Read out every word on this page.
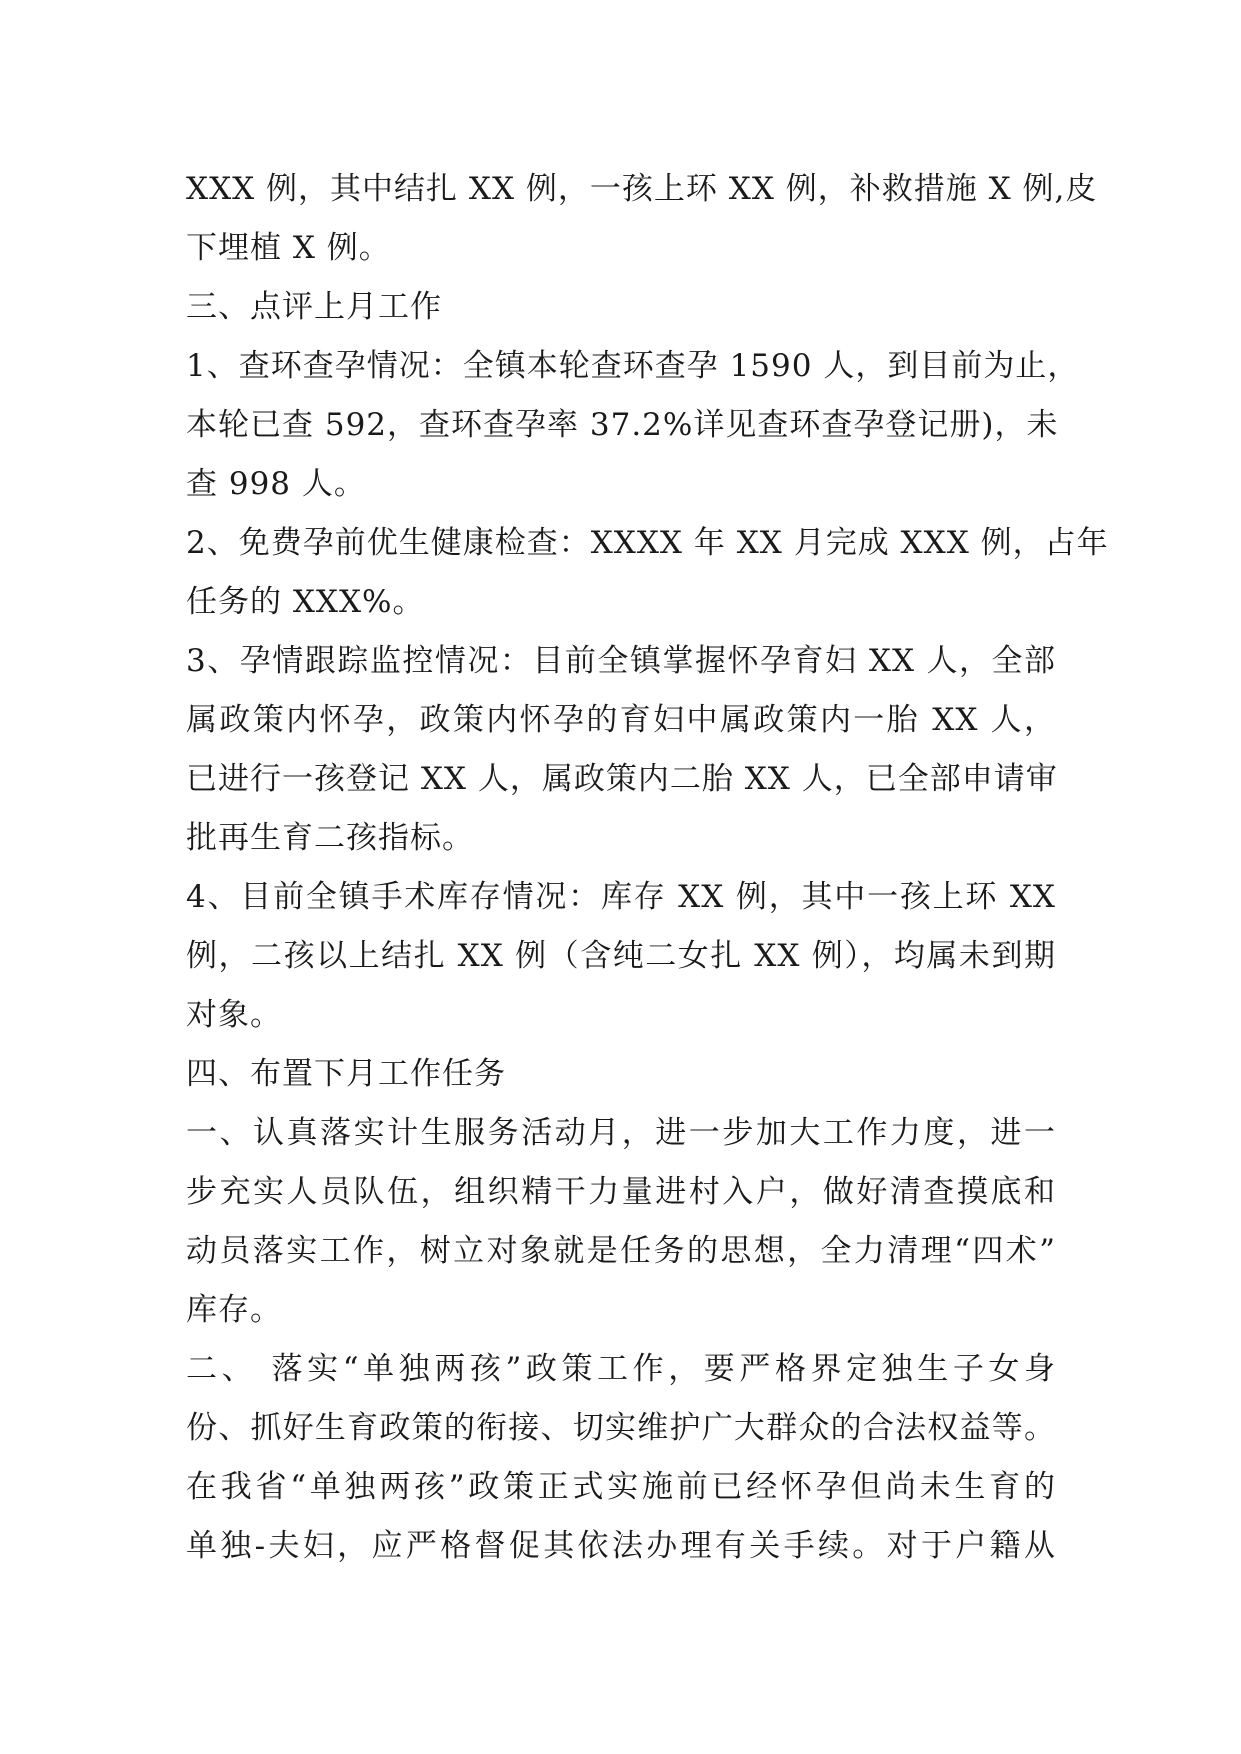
XXX 例，其中结扎 XX 例，一孩上环 XX 例，补救措施 X 例,皮
下埋植 X 例。
三、点评上月工作
1、查环查孕情况：全镇本轮查环查孕 1590 人，到目前为止，
本轮已查 592，查环查孕率 37.2%详见查环查孕登记册)，未
查 998 人。
2、免费孕前优生健康检查：XXXX 年 XX 月完成 XXX 例，占年
任务的 XXX%。
3、孕情跟踪监控情况：目前全镇掌握怀孕育妇 XX 人，全部
属政策内怀孕，政策内怀孕的育妇中属政策内一胎 XX 人，
已进行一孩登记 XX 人，属政策内二胎 XX 人，已全部申请审
批再生育二孩指标。
4、目前全镇手术库存情况：库存 XX 例，其中一孩上环 XX
例，二孩以上结扎 XX 例（含纯二女扎 XX 例），均属未到期
对象。
四、布置下月工作任务
一、认真落实计生服务活动月，进一步加大工作力度，进一
步充实人员队伍，组织精干力量进村入户，做好清查摸底和
动员落实工作，树立对象就是任务的思想，全力清理“四术”
库存。
二、 落实“单独两孩”政策工作，要严格界定独生子女身
份、抓好生育政策的衔接、切实维护广大群众的合法权益等。
在我省“单独两孩”政策正式实施前已经怀孕但尚未生育的
单独-夫妇，应严格督促其依法办理有关手续。对于户籍从
